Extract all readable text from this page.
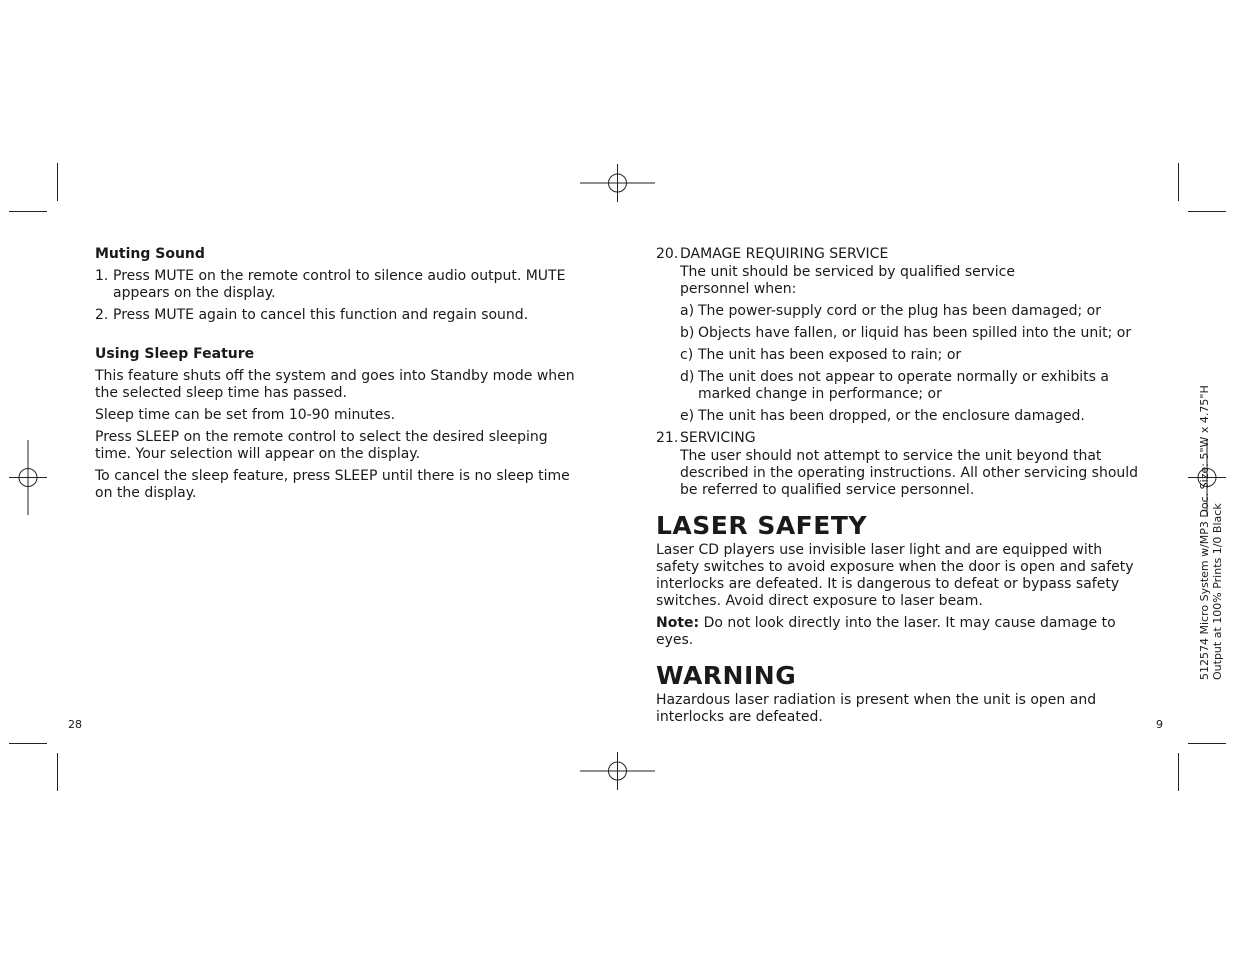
Muting Sound
1. Press MUTE on the remote control to silence audio output. MUTE appears on the display.
2. Press MUTE again to cancel this function and regain sound.
Using Sleep Feature
This feature shuts off the system and goes into Standby mode when the selected sleep time has passed.
Sleep time can be set from 10-90 minutes.
Press SLEEP on the remote control to select the desired sleeping time. Your selection will appear on the display.
To cancel the sleep feature, press SLEEP until there is no sleep time on the display.
20. DAMAGE REQUIRING SERVICE
The unit should be serviced by qualified service
personnel when:
a) The power-supply cord or the plug has been damaged; or
b) Objects have fallen, or liquid has been spilled into the unit; or
c) The unit has been exposed to rain; or
d) The unit does not appear to operate normally or exhibits a marked change in performance; or
e) The unit has been dropped, or the enclosure damaged.
21. SERVICING
The user should not attempt to service the unit beyond that described in the operating instructions. All other servicing should be referred to qualified service personnel.
LASER SAFETY
Laser CD players use invisible laser light and are equipped with safety switches to avoid exposure when the door is open and safety interlocks are defeated. It is dangerous to defeat or bypass safety switches. Avoid direct exposure to laser beam.
Note: Do not look directly into the laser. It may cause damage to eyes.
WARNING
Hazardous laser radiation is present when the unit is open and interlocks are defeated.
28	9
512574 Micro System w/MP3 Doc. Size: 5"W x 4.75"H Output at 100% Prints 1/0 Black
